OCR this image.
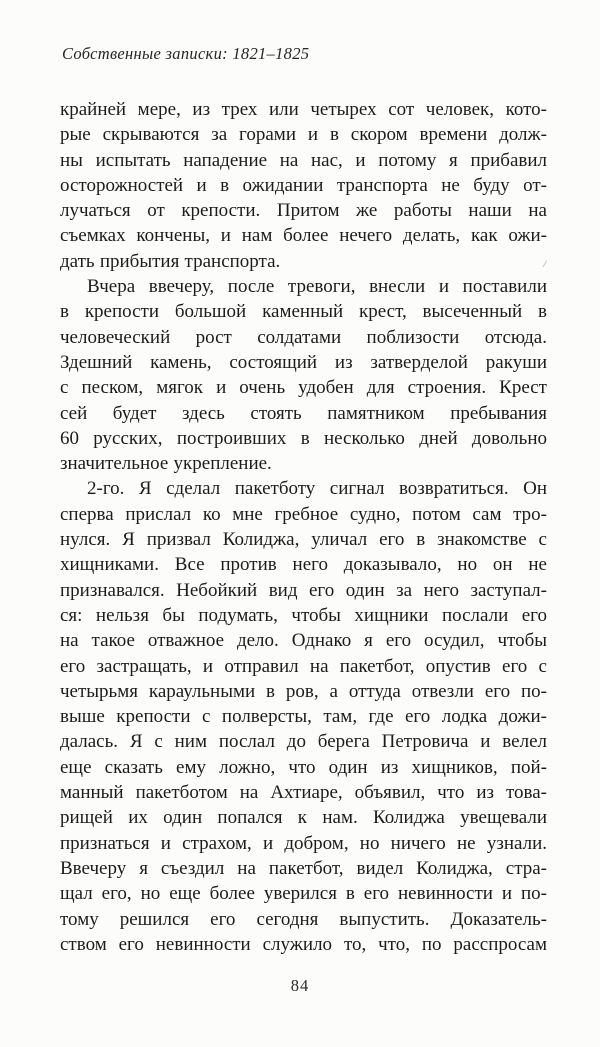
Собственные записки: 1821–1825

крайней мере, из трех или четырех сот человек, кото-
рые скрываются за горами и в скором времени долж-
ны испытать нападение на нас, и потому я прибавил
осторожностей и в ожидании транспорта не буду от-
лучаться от крепости. Притом же работы наши на
съемках кончены, и нам более нечего делать, как ожи-
дать прибытия транспорта.

Вчера ввечеру, после тревоги, внесли и поставили
в крепости большой каменный крест, высеченный в
человеческий рост солдатами поблизости отсюда.
Здешний камень, состоящий из затверделой ракуши
с песком, мягок и очень удобен для строения. Крест
сей будет здесь стоять памятником пребывания
60 русских, построивших в несколько дней довольно
значительное укрепление.

2-го. Я сделал пакетботу сигнал возвратиться. Он
сперва прислал ко мне гребное судно, потом сам тро-
нулся. Я призвал Колиджа, уличал его в знакомстве с
хищниками. Все против него доказывало, но он не
признавался. Небойкий вид его один за него заступал-
ся: нельзя бы подумать, чтобы хищники послали его
на такое отважное дело. Однако я его осудил, чтобы
его застращать, и отправил на пакетбот, опустив его с
четырьмя караульными в ров, а оттуда отвезли его по-
выше крепости с полверсты, там, где его лодка дожи-
далась. Я с ним послал до берега Петровича и велел
еще сказать ему ложно, что один из хищников, пой-
манный пакетботом на Ахтиаре, объявил, что из това-
рищей их один попался к нам. Колиджа увещевали
признаться и страхом, и добром, но ничего не узнали.
Ввечеру я съездил на пакетбот, видел Колиджа, стра-
щал его, но еще более уверился в его невинности и по-
тому решился его сегодня выпустить. Доказатель-
ством его невинности служило то, что, по расспросам

84
